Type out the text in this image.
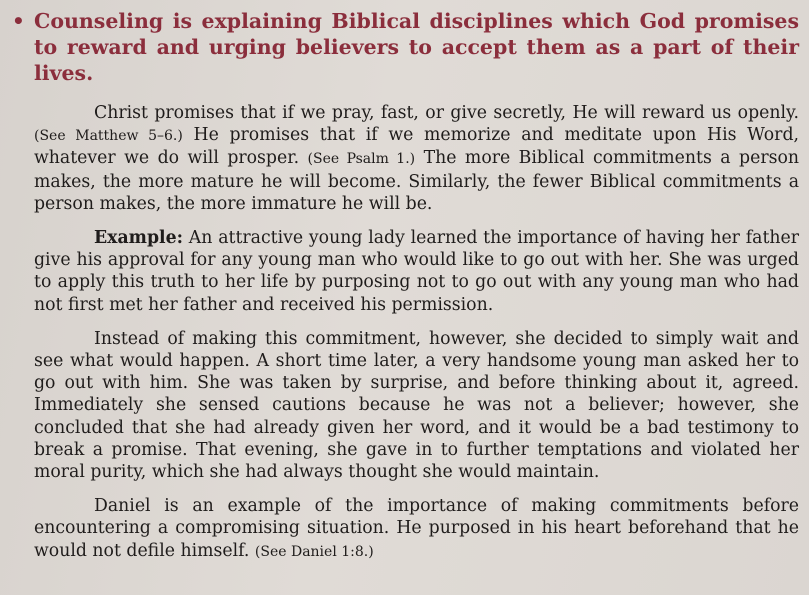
• Counseling is explaining Biblical disciplines which God promises to reward and urging believers to accept them as a part of their lives.

Christ promises that if we pray, fast, or give secretly, He will reward us openly. (See Matthew 5–6.) He promises that if we memorize and meditate upon His Word, whatever we do will prosper. (See Psalm 1.) The more Biblical commitments a person makes, the more mature he will become. Similarly, the fewer Biblical commitments a person makes, the more immature he will be.

Example: An attractive young lady learned the importance of having her father give his approval for any young man who would like to go out with her. She was urged to apply this truth to her life by purposing not to go out with any young man who had not first met her father and received his permission.

Instead of making this commitment, however, she decided to simply wait and see what would happen. A short time later, a very handsome young man asked her to go out with him. She was taken by surprise, and before thinking about it, agreed. Immediately she sensed cautions because he was not a believer; however, she concluded that she had already given her word, and it would be a bad testimony to break a promise. That evening, she gave in to further temptations and violated her moral purity, which she had always thought she would maintain.

Daniel is an example of the importance of making commitments before encountering a compromising situation. He purposed in his heart beforehand that he would not defile himself. (See Daniel 1:8.)
